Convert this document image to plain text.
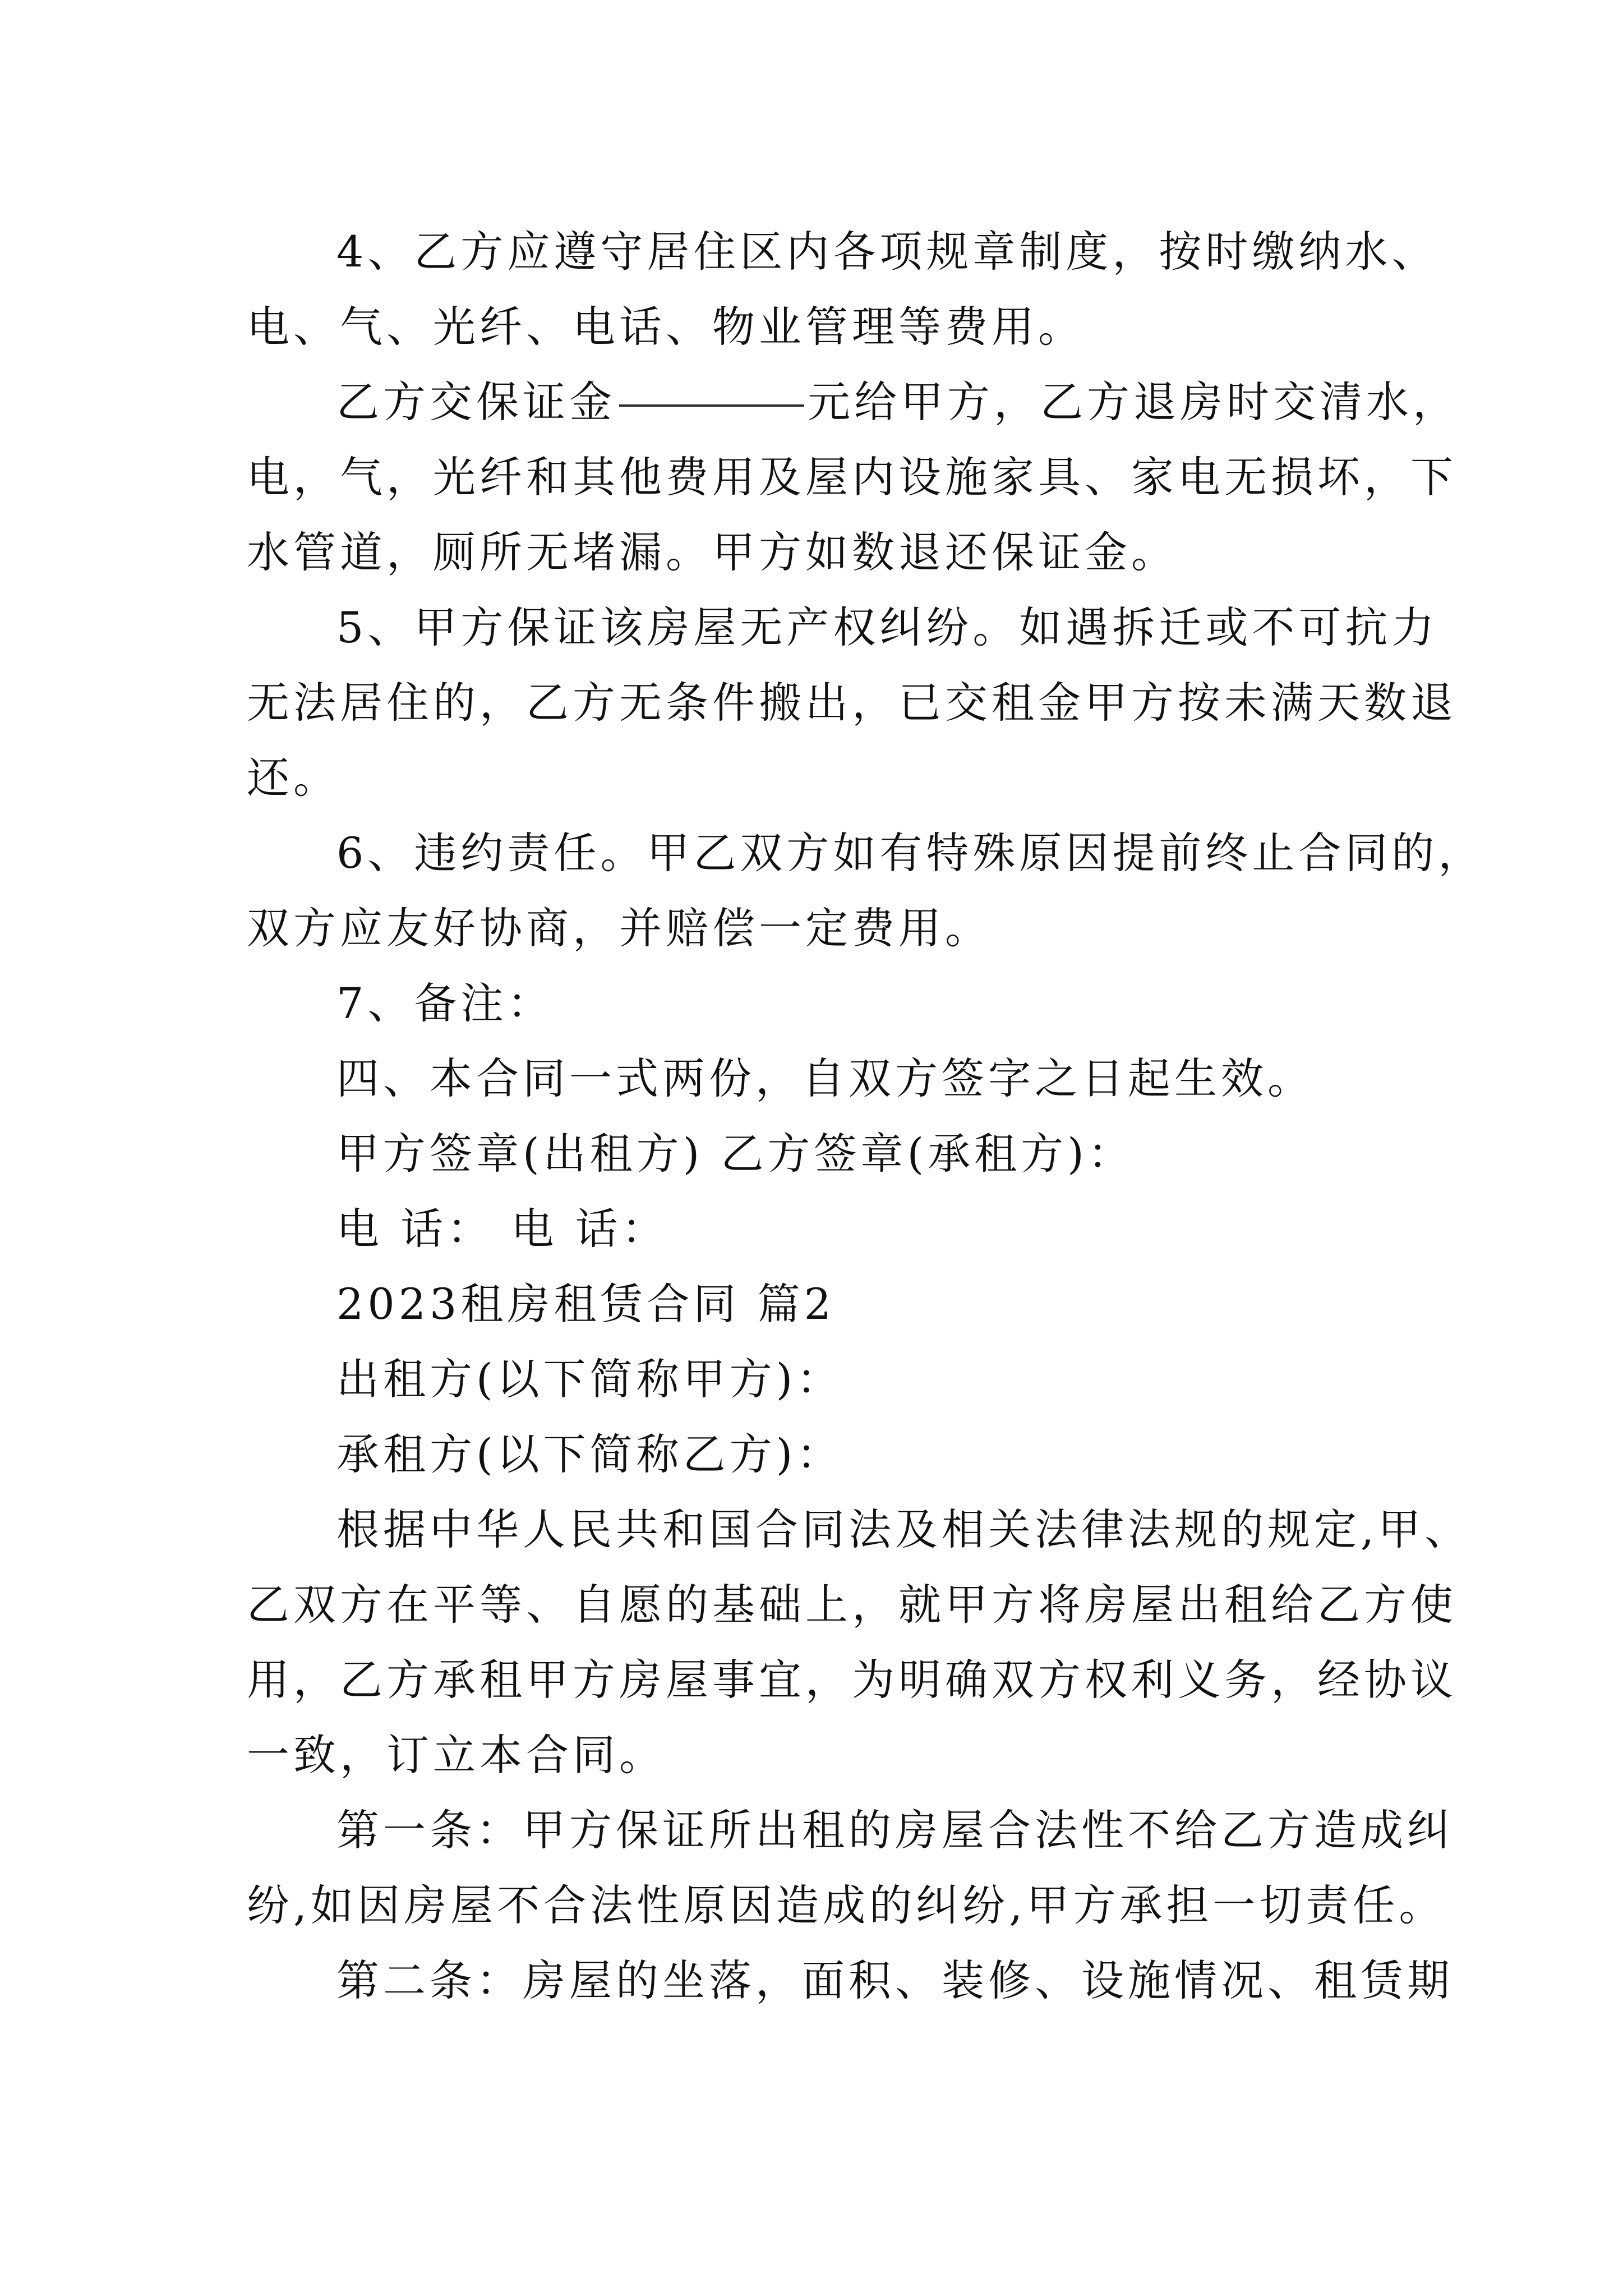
4、乙方应遵守居住区内各项规章制度，按时缴纳水、
电、气、光纤、电话、物业管理等费用。
乙方交保证金	元给甲方，乙方退房时交清水，
电，气，光纤和其他费用及屋内设施家具、家电无损坏，下
水管道，厕所无堵漏。甲方如数退还保证金。
5、甲方保证该房屋无产权纠纷。如遇拆迁或不可抗力
无法居住的，乙方无条件搬出，已交租金甲方按未满天数退
还。
6、违约责任。甲乙双方如有特殊原因提前终止合同的，
双方应友好协商，并赔偿一定费用。
7、备注：
四、本合同一式两份，自双方签字之日起生效。
甲方签章(出租方) 乙方签章(承租方)：
电 话： 电 话：
2023租房租赁合同 篇2
出租方(以下简称甲方)：
承租方(以下简称乙方)：
根据中华人民共和国合同法及相关法律法规的规定,甲、
乙双方在平等、自愿的基础上，就甲方将房屋出租给乙方使
用，乙方承租甲方房屋事宜，为明确双方权利义务，经协议
一致，订立本合同。
第一条：甲方保证所出租的房屋合法性不给乙方造成纠
纷,如因房屋不合法性原因造成的纠纷,甲方承担一切责任。
第二条：房屋的坐落，面积、装修、设施情况、租赁期
